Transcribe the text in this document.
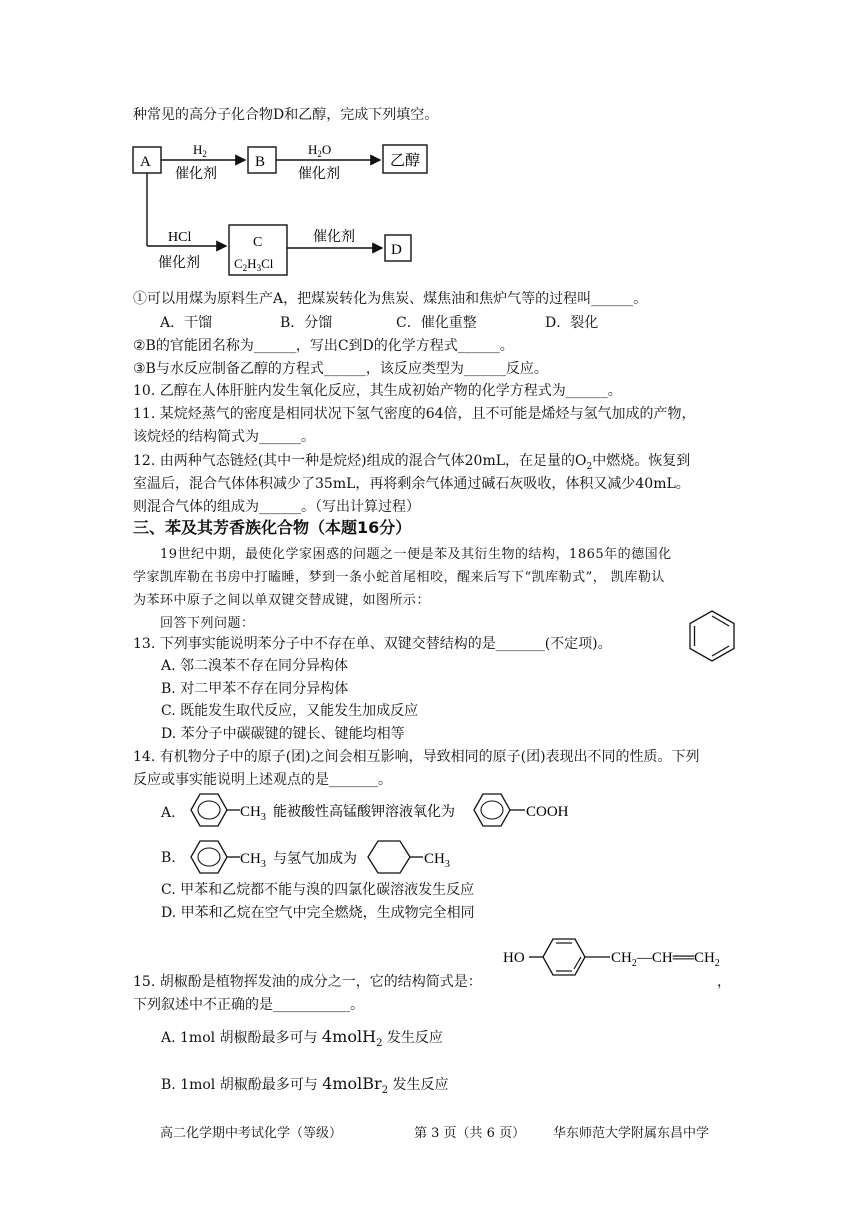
种常见的高分子化合物D和乙醇，完成下列填空。
A
$H_2$
催化剂
B
$H_2O$
催化剂
乙醇
HCl
催化剂
C
$C_2H_3Cl$
催化剂
D
①可以用煤为原料生产A，把煤炭转化为焦炭、煤焦油和焦炉气等的过程叫______。
A．干馏	B．分馏	C．催化重整	D．裂化
②B的官能团名称为______，写出C到D的化学方程式______。
③B与水反应制备乙醇的方程式______，该反应类型为______反应。
10. 乙醇在人体肝脏内发生氧化反应，其生成初始产物的化学方程式为______。
11. 某烷烃蒸气的密度是相同状况下氢气密度的64倍，且不可能是烯烃与氢气加成的产物，
该烷烃的结构简式为______。
12. 由两种气态链烃(其中一种是烷烃)组成的混合气体20mL，在足量的$O_2$中燃烧。恢复到
室温后，混合气体体积减少了35mL，再将剩余气体通过碱石灰吸收，体积又减少40mL。
则混合气体的组成为______。（写出计算过程）
三、苯及其芳香族化合物（本题16分）
19世纪中期，最使化学家困惑的问题之一便是苯及其衍生物的结构，1865年的德国化
学家凯库勒在书房中打瞌睡，梦到一条小蛇首尾相咬，醒来后写下“凯库勒式”， 凯库勒认
为苯环中原子之间以单双键交替成键，如图所示：
回答下列问题：
13. 下列事实能说明苯分子中不存在单、双键交替结构的是_______(不定项)。
A. 邻二溴苯不存在同分异构体
B. 对二甲苯不存在同分异构体
C. 既能发生取代反应，又能发生加成反应
D. 苯分子中碳碳键的键长、键能均相等
14. 有机物分子中的原子(团)之间会相互影响，导致相同的原子(团)表现出不同的性质。下列
反应或事实能说明上述观点的是_______。
A.	$CH_3$ 能被酸性高锰酸钾溶液氧化为	COOH
B.	$CH_3$ 与氢气加成为	$CH_3$
C. 甲苯和乙烷都不能与溴的四氯化碳溶液发生反应
D. 甲苯和乙烷在空气中完全燃烧，生成物完全相同
HO	$CH_2—CH══CH_2$
15. 胡椒酚是植物挥发油的成分之一，它的结构简式是：	，
下列叙述中不正确的是___________。
A. 1mol 胡椒酚最多可与 4molH$_2$ 发生反应
B. 1mol 胡椒酚最多可与 4molBr$_2$ 发生反应
高二化学期中考试化学（等级）	第 3 页（共 6 页） 华东师范大学附属东昌中学
